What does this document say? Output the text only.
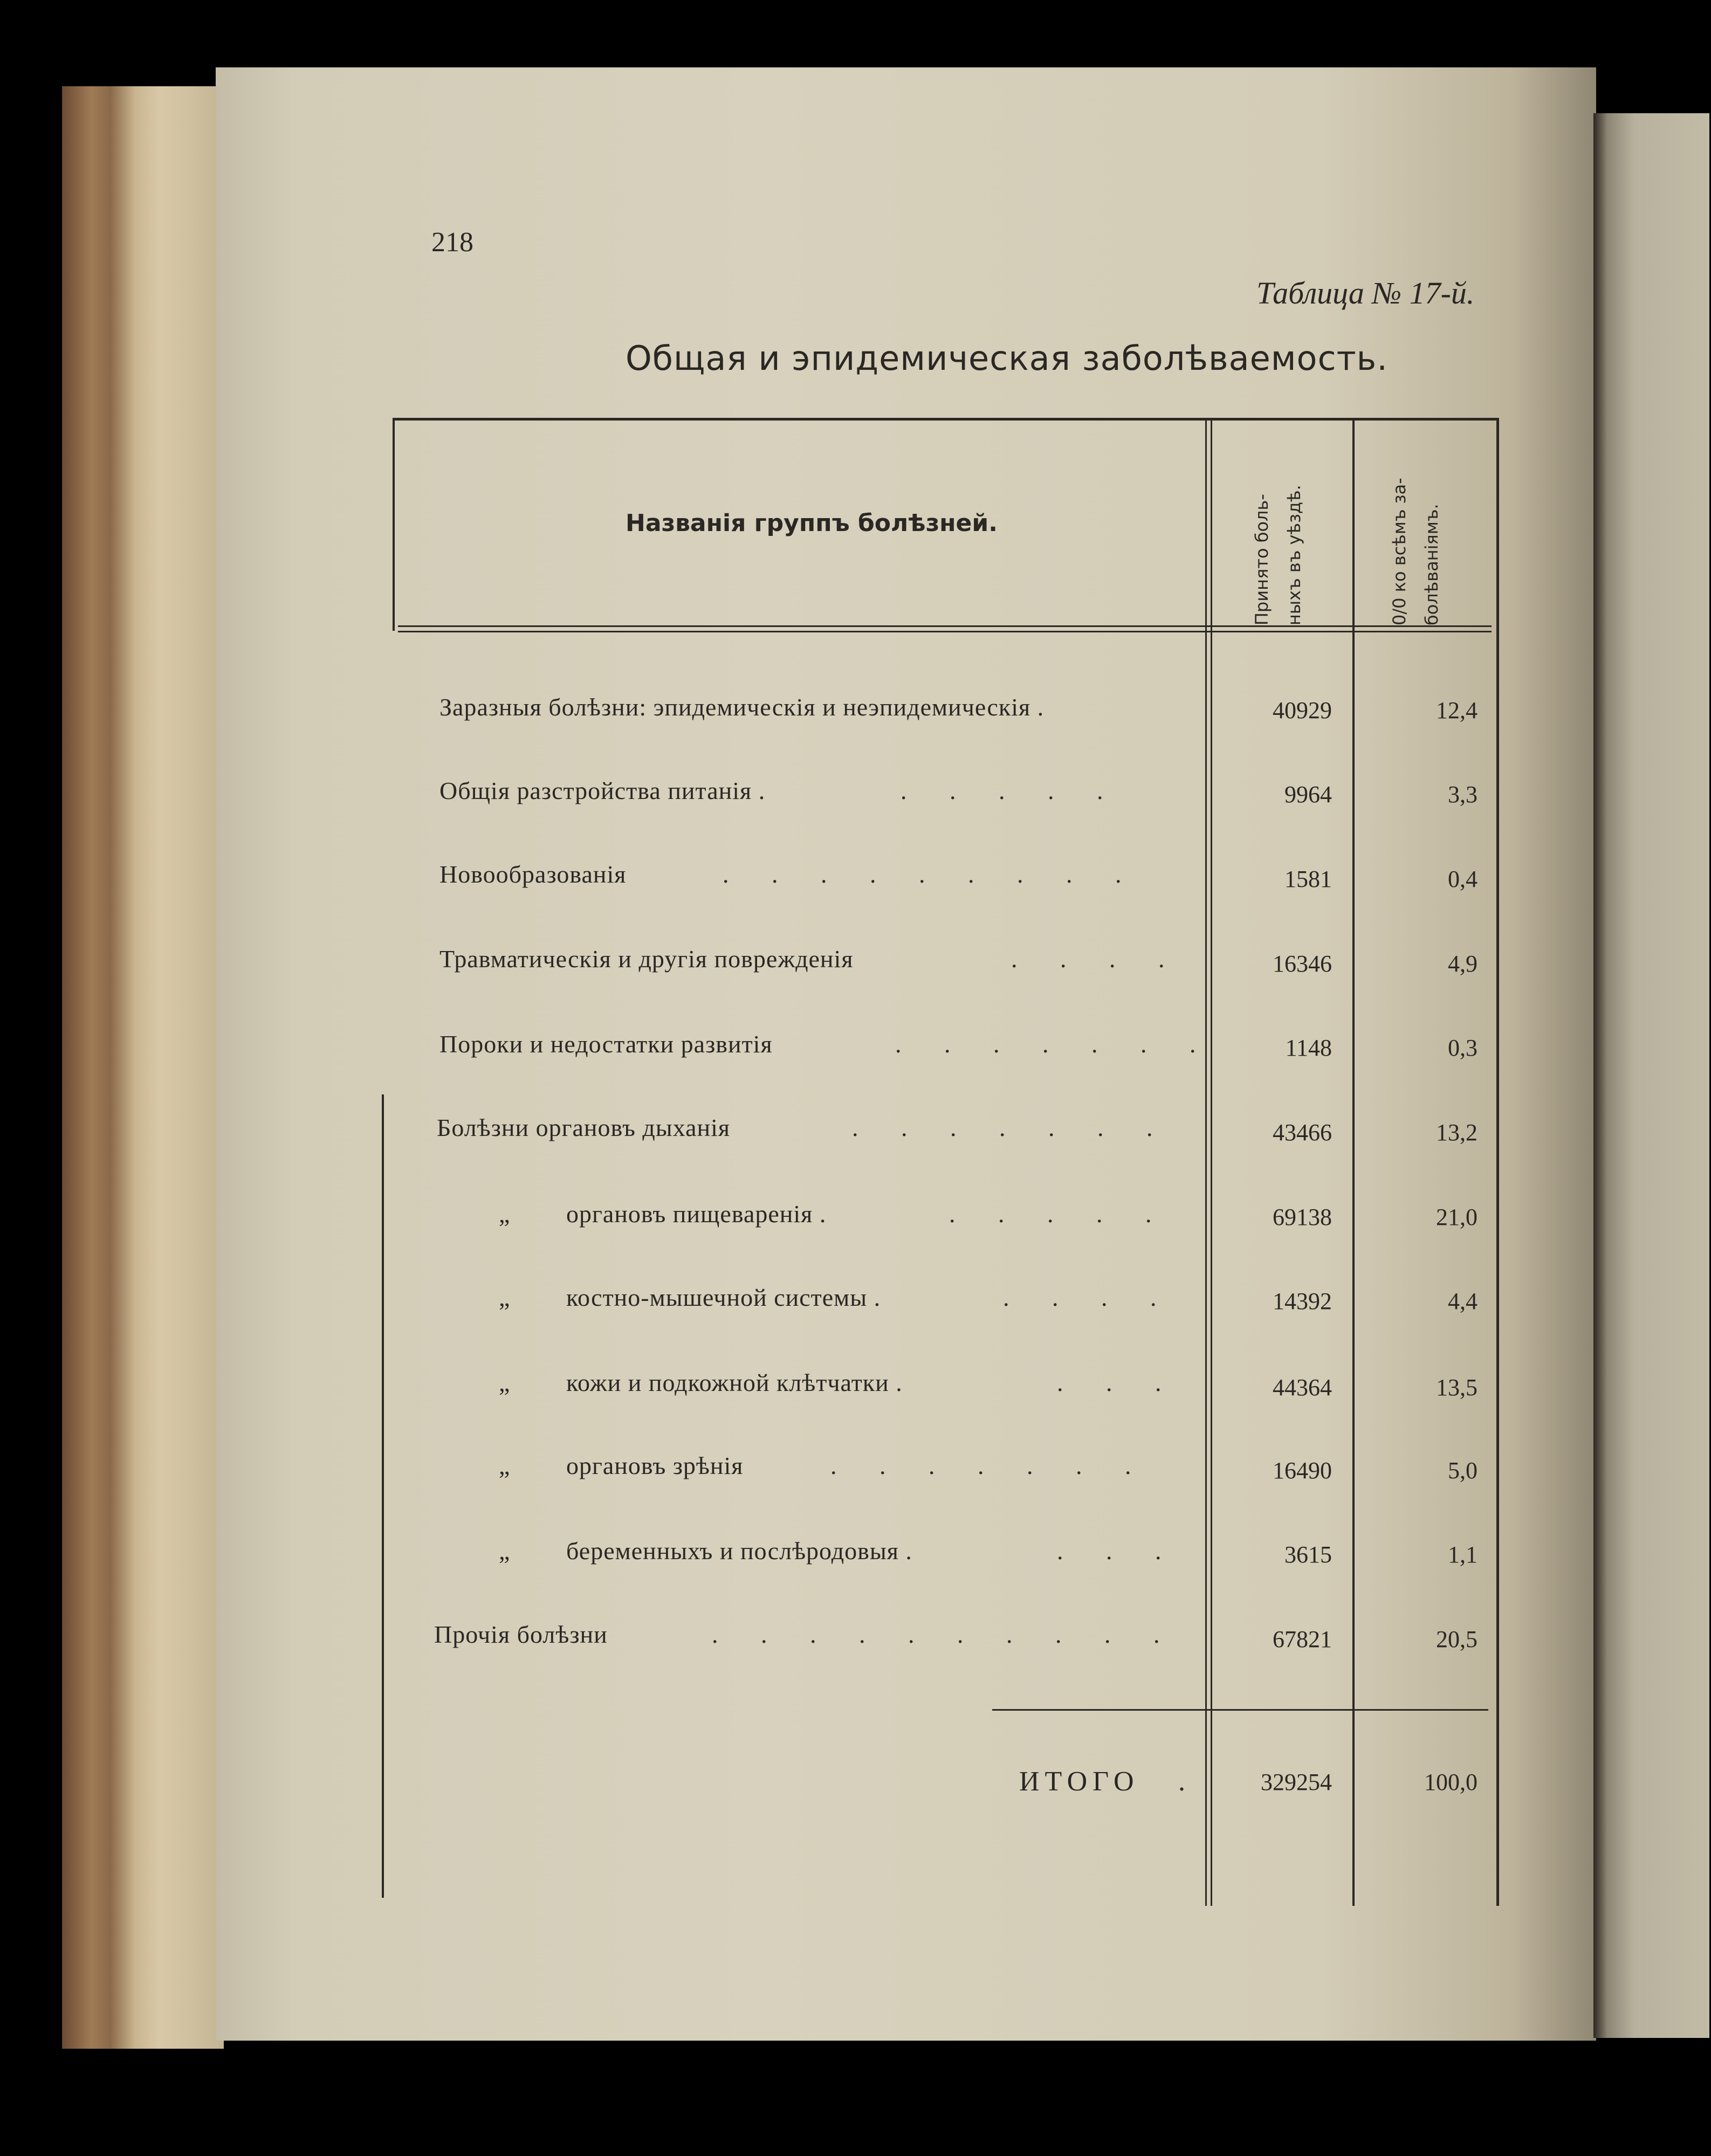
218
Таблица № 17-й.
Общая и эпидемическая заболѣваемость.
Названія группъ болѣзней.	Принято боль- ныхъ въ уѣздѣ.	0/0 ко всѣмъ за- болѣваніямъ.
Заразныя болѣзни: эпидемическія и неэпидемическія .	40929	12,4
Общія разстройства питанія .	. . . . .	9964	3,3
Новообразованія	. . . . . . . . .	1581	0,4
Травматическія и другія поврежденія	. . . .	16346	4,9
Пороки и недостатки развитія	. . . . . . .	1148	0,3
Болѣзни органовъ дыханія	. . . . . . .	43466	13,2
„ органовъ пищеваренія .	. . . . .	69138	21,0
„ костно-мышечной системы .	. . . .	14392	4,4
„ кожи и подкожной клѣтчатки .	. . .	44364	13,5
„ органовъ зрѣнія	. . . . . . .	16490	5,0
„ беременныхъ и послѣродовыя .	. . .	3615	1,1
Прочія болѣзни	. . . . . . . . . .	67821	20,5
ИТОГО .	329254	100,0
